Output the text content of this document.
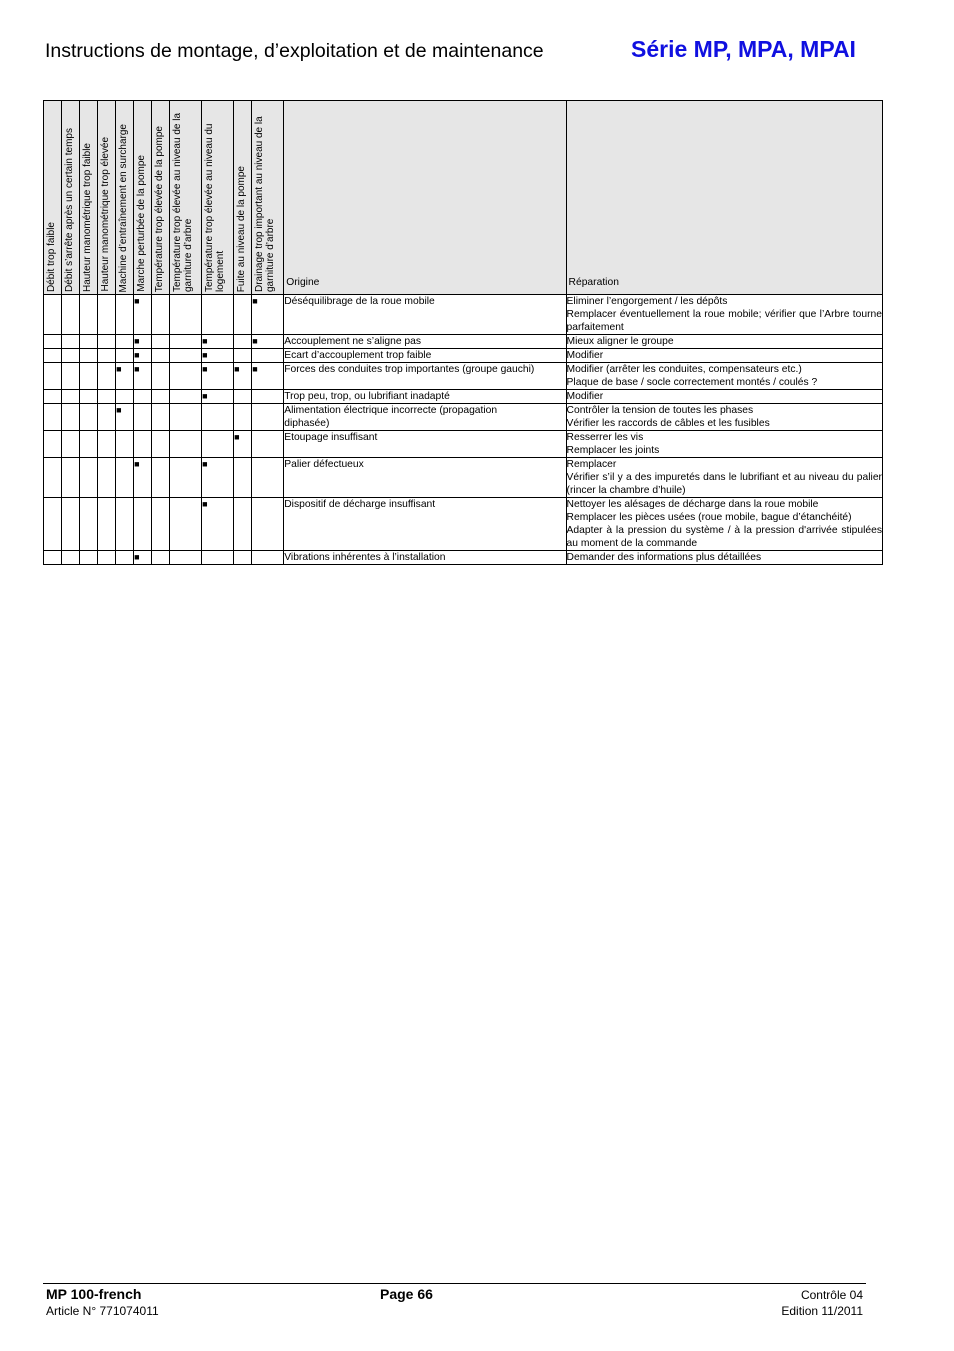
Instructions de montage, d’exploitation et de maintenance	Série MP, MPA, MPAI
Débit trop faible	Débit s’arrête après un certain temps	Hauteur manométrique trop faible	Hauteur manométrique trop élevée	Machine d’entraînement en surcharge	Marche perturbée de la pompe	Température trop élevée de la pompe	Température trop élevée au niveau de la garniture d’arbre	Température trop élevée au niveau du logement	Fuite au niveau de la pompe	Drainage trop important au niveau de la garniture d’arbre	Origine	Réparation

					■					■	Déséquilibrage de la roue mobile	Eliminer l’engorgement / les dépôts
Remplacer éventuellement la roue mobile; vérifier que l’Arbre tourne parfaitement

					■			■		■	Accouplement ne s’aligne pas	Mieux aligner le groupe

					■			■			Ecart d’accouplement trop faible	Modifier

				■	■			■	■	■	Forces des conduites trop importantes (groupe gauchi)	Modifier (arrêter les conduites, compensateurs etc.)
Plaque de base / socle correctement montés / coulés ?

								■			Trop peu, trop, ou lubrifiant inadapté	Modifier

				■							Alimentation électrique incorrecte (propagation
diphasée)	Contrôler la tension de toutes les phases
Vérifier les raccords de câbles et les fusibles

									■		Etoupage insuffisant	Resserrer les vis
Remplacer les joints

					■			■			Palier défectueux	Remplacer
Vérifier s’il y a des impuretés dans le lubrifiant et au niveau du palier (rincer la chambre d’huile)

								■			Dispositif de décharge insuffisant	Nettoyer les alésages de décharge dans la roue mobile
Remplacer les pièces usées (roue mobile, bague d’étanchéité)
Adapter à la pression du système / à la pression d'arrivée stipulées au moment de la commande

					■						Vibrations inhérentes à l’installation	Demander des informations plus détaillées
MP 100-french
Article N° 771074011
Page 66	Contrôle 04
Edition 11/2011
